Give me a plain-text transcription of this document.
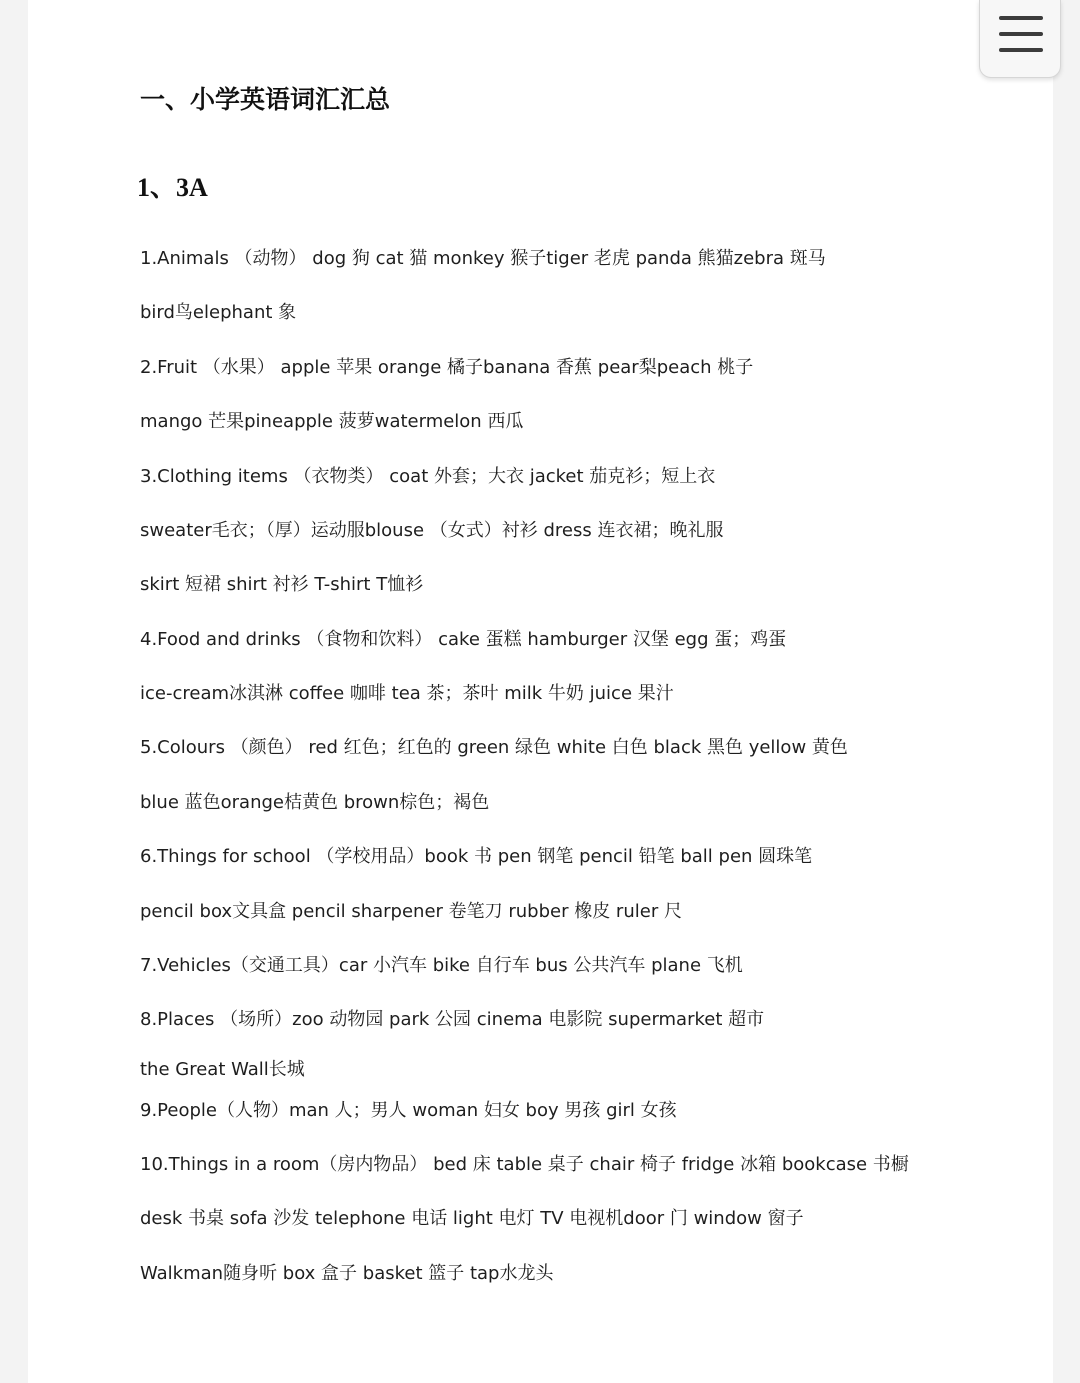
一、小学英语词汇汇总
1、3A

1.Animals （动物） dog 狗 cat 猫 monkey 猴子tiger 老虎 panda 熊猫zebra 斑马

bird鸟elephant 象

2.Fruit （水果） apple 苹果 orange 橘子banana 香蕉 pear梨peach 桃子

mango 芒果pineapple 菠萝watermelon 西瓜

3.Clothing items （衣物类） coat 外套；大衣 jacket 茄克衫；短上衣

sweater毛衣；（厚）运动服blouse （女式）衬衫 dress 连衣裙；晚礼服

skirt 短裙 shirt 衬衫 T-shirt T恤衫

4.Food and drinks （食物和饮料） cake 蛋糕 hamburger 汉堡 egg 蛋；鸡蛋

ice-cream冰淇淋 coffee 咖啡 tea 茶；茶叶 milk 牛奶 juice 果汁

5.Colours （颜色） red 红色；红色的 green 绿色 white 白色 black 黑色 yellow 黄色

blue 蓝色orange桔黄色 brown棕色；褐色

6.Things for school （学校用品）book 书 pen 钢笔 pencil 铅笔 ball pen 圆珠笔

pencil box文具盒 pencil sharpener 卷笔刀 rubber 橡皮 ruler 尺

7.Vehicles（交通工具）car 小汽车 bike 自行车 bus 公共汽车 plane 飞机

8.Places （场所）zoo 动物园 park 公园 cinema 电影院 supermarket 超市

the Great Wall长城

9.People（人物）man 人；男人 woman 妇女 boy 男孩 girl 女孩

10.Things in a room（房内物品） bed 床 table 桌子 chair 椅子 fridge 冰箱 bookcase 书橱

desk 书桌 sofa 沙发 telephone 电话 light 电灯 TV 电视机door 门 window 窗子

Walkman随身听 box 盒子 basket 篮子 tap水龙头
